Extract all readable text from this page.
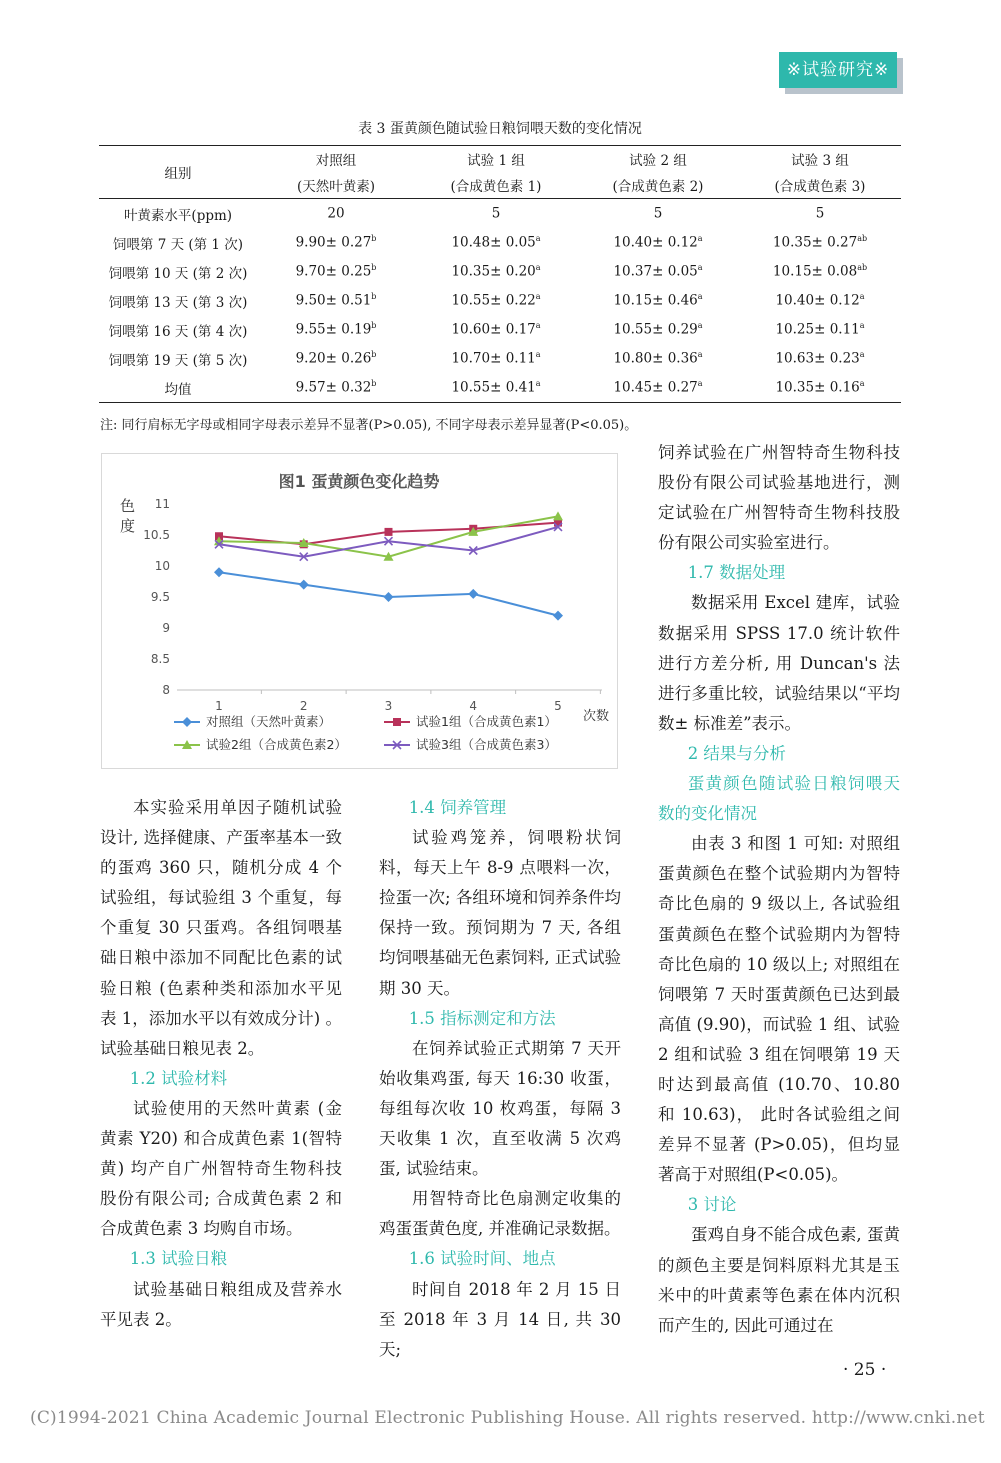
※试验研究※
表 3 蛋黄颜色随试验日粮饲喂天数的变化情况
组别	对照组	试验 1 组	试验 2 组	试验 3 组
	(天然叶黄素)	(合成黄色素 1)	(合成黄色素 2)	(合成黄色素 3)
叶黄素水平(ppm)	20	5	5	5
饲喂第 7 天 (第 1 次)	9.90± 0.27$^b$	10.48± 0.05$^a$	10.40± 0.12$^a$	10.35± 0.27$^{ab}$
饲喂第 10 天 (第 2 次)	9.70± 0.25$^b$	10.35± 0.20$^a$	10.37± 0.05$^a$	10.15± 0.08$^{ab}$
饲喂第 13 天 (第 3 次)	9.50± 0.51$^b$	10.55± 0.22$^a$	10.15± 0.46$^a$	10.40± 0.12$^a$
饲喂第 16 天 (第 4 次)	9.55± 0.19$^b$	10.60± 0.17$^a$	10.55± 0.29$^a$	10.25± 0.11$^a$
饲喂第 19 天 (第 5 次)	9.20± 0.26$^b$	10.70± 0.11$^a$	10.80± 0.36$^a$	10.63± 0.23$^a$
均值	9.57± 0.32$^b$	10.55± 0.41$^a$	10.45± 0.27$^a$	10.35± 0.16$^a$
注: 同行肩标无字母或相同字母表示差异不显著(P>0.05), 不同字母表示差异显著(P<0.05)。
图1 蛋黄颜色变化趋势
色
度
8
8.5
9
9.5
10
10.5
11
1	2	3	4	5
次数
对照组（天然叶黄素）	试验1组（合成黄色素1）
试验2组（合成黄色素2）	试验3组（合成黄色素3）

饲养试验在广州智特奇生物科技股份有限公司试验基地进行，测定试验在广州智特奇生物科技股份有限公司实验室进行。

1.7 数据处理

数据采用 Excel 建库，试验数据采用 SPSS 17.0 统计软件进行方差分析, 用 Duncan's 法进行多重比较，试验结果以“平均数± 标准差”表示。

2 结果与分析

蛋黄颜色随试验日粮饲喂天数的变化情况

由表 3 和图 1 可知: 对照组蛋黄颜色在整个试验期内为智特奇比色扇的 9 级以上, 各试验组蛋黄颜色在整个试验期内为智特奇比色扇的 10 级以上; 对照组在饲喂第 7 天时蛋黄颜色已达到最高值 (9.90)，而试验 1 组、试验 2 组和试验 3 组在饲喂第 19 天时达到最高值 (10.70、10.80 和 10.63)， 此时各试验组之间差异不显著 (P>0.05)，但均显著高于对照组(P<0.05)。

3 讨论

蛋鸡自身不能合成色素, 蛋黄的颜色主要是饲料原料尤其是玉米中的叶黄素等色素在体内沉积而产生的, 因此可通过在

本实验采用单因子随机试验设计, 选择健康、产蛋率基本一致的蛋鸡 360 只，随机分成 4 个试验组，每试验组 3 个重复，每个重复 30 只蛋鸡。各组饲喂基础日粮中添加不同配比色素的试验日粮 (色素种类和添加水平见表 1，添加水平以有效成分计) 。试验基础日粮见表 2。

1.2 试验材料

试验使用的天然叶黄素 (金黄素 Y20) 和合成黄色素 1(智特黄) 均产自广州智特奇生物科技股份有限公司; 合成黄色素 2 和合成黄色素 3 均购自市场。

1.3 试验日粮

试验基础日粮组成及营养水平见表 2。

1.4 饲养管理

试验鸡笼养，饲喂粉状饲料，每天上午 8-9 点喂料一次，捡蛋一次; 各组环境和饲养条件均保持一致。预饲期为 7 天, 各组均饲喂基础无色素饲料, 正式试验期 30 天。

1.5 指标测定和方法

在饲养试验正式期第 7 天开始收集鸡蛋, 每天 16:30 收蛋，每组每次收 10 枚鸡蛋，每隔 3 天收集 1 次，直至收满 5 次鸡蛋, 试验结束。

用智特奇比色扇测定收集的鸡蛋蛋黄色度, 并准确记录数据。

1.6 试验时间、地点

时间自 2018 年 2 月 15 日至 2018 年 3 月 14 日, 共 30 天;

· 25 ·
(C)1994-2021 China Academic Journal Electronic Publishing House. All rights reserved. http://www.cnki.net
